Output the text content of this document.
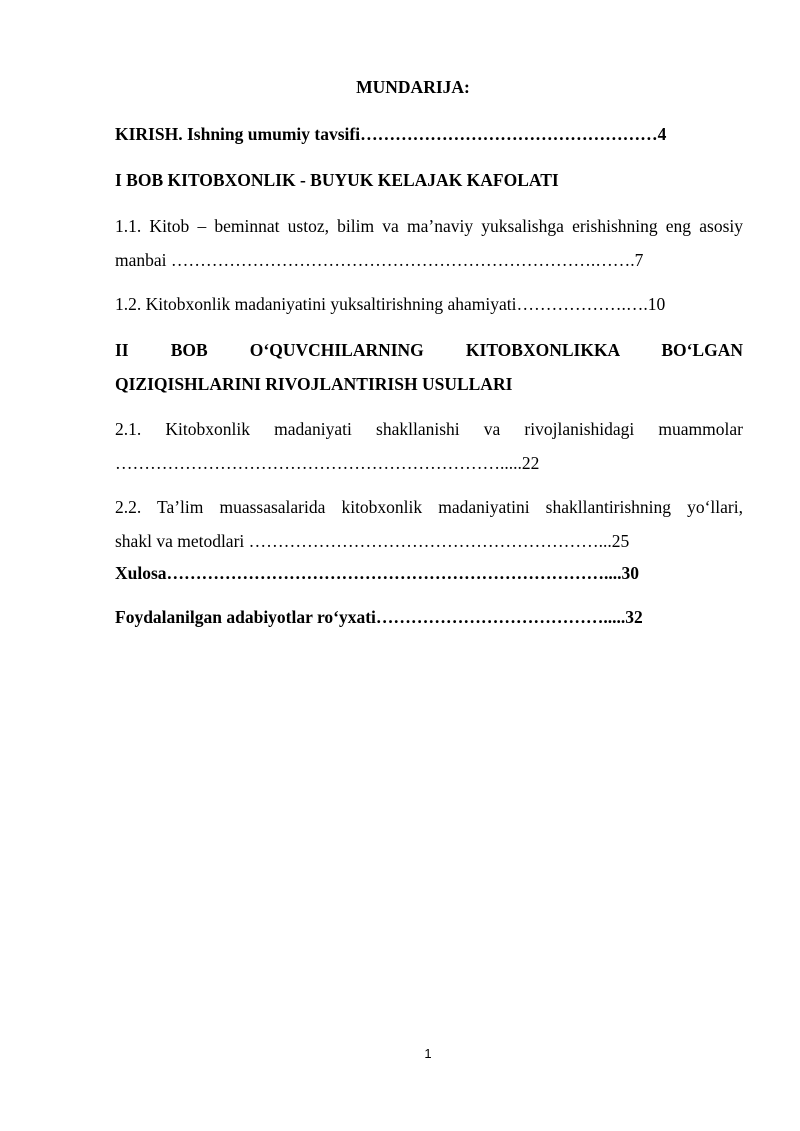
MUNDARIJA:
KIRISH. Ishning umumiy tavsifi……………………………………………4
I BOB KITOBXONLIK - BUYUK KELAJAK KAFOLATI
1.1. Kitob – beminnat ustoz, bilim va ma’naviy yuksalishga erishishning eng asosiy
manbai ……………………………………………………………….…….7
1.2. Kitobxonlik madaniyatini yuksaltirishning ahamiyati……………….….10
II BOB O‘QUVCHILARNING KITOBXONLIKKA BO‘LGAN
QIZIQISHLARINI RIVOJLANTIRISH USULLARI
2.1. Kitobxonlik madaniyati shakllanishi va rivojlanishidagi muammolar
………………………………………………………….....22
2.2. Ta’lim muassasalarida kitobxonlik madaniyatini shakllantirishning yo‘llari,
shakl va metodlari ……………………………………………………...25
Xulosa…………………………………………………………………....30
Foydalanilgan adabiyotlar ro‘yxati………………………………….....32
1
